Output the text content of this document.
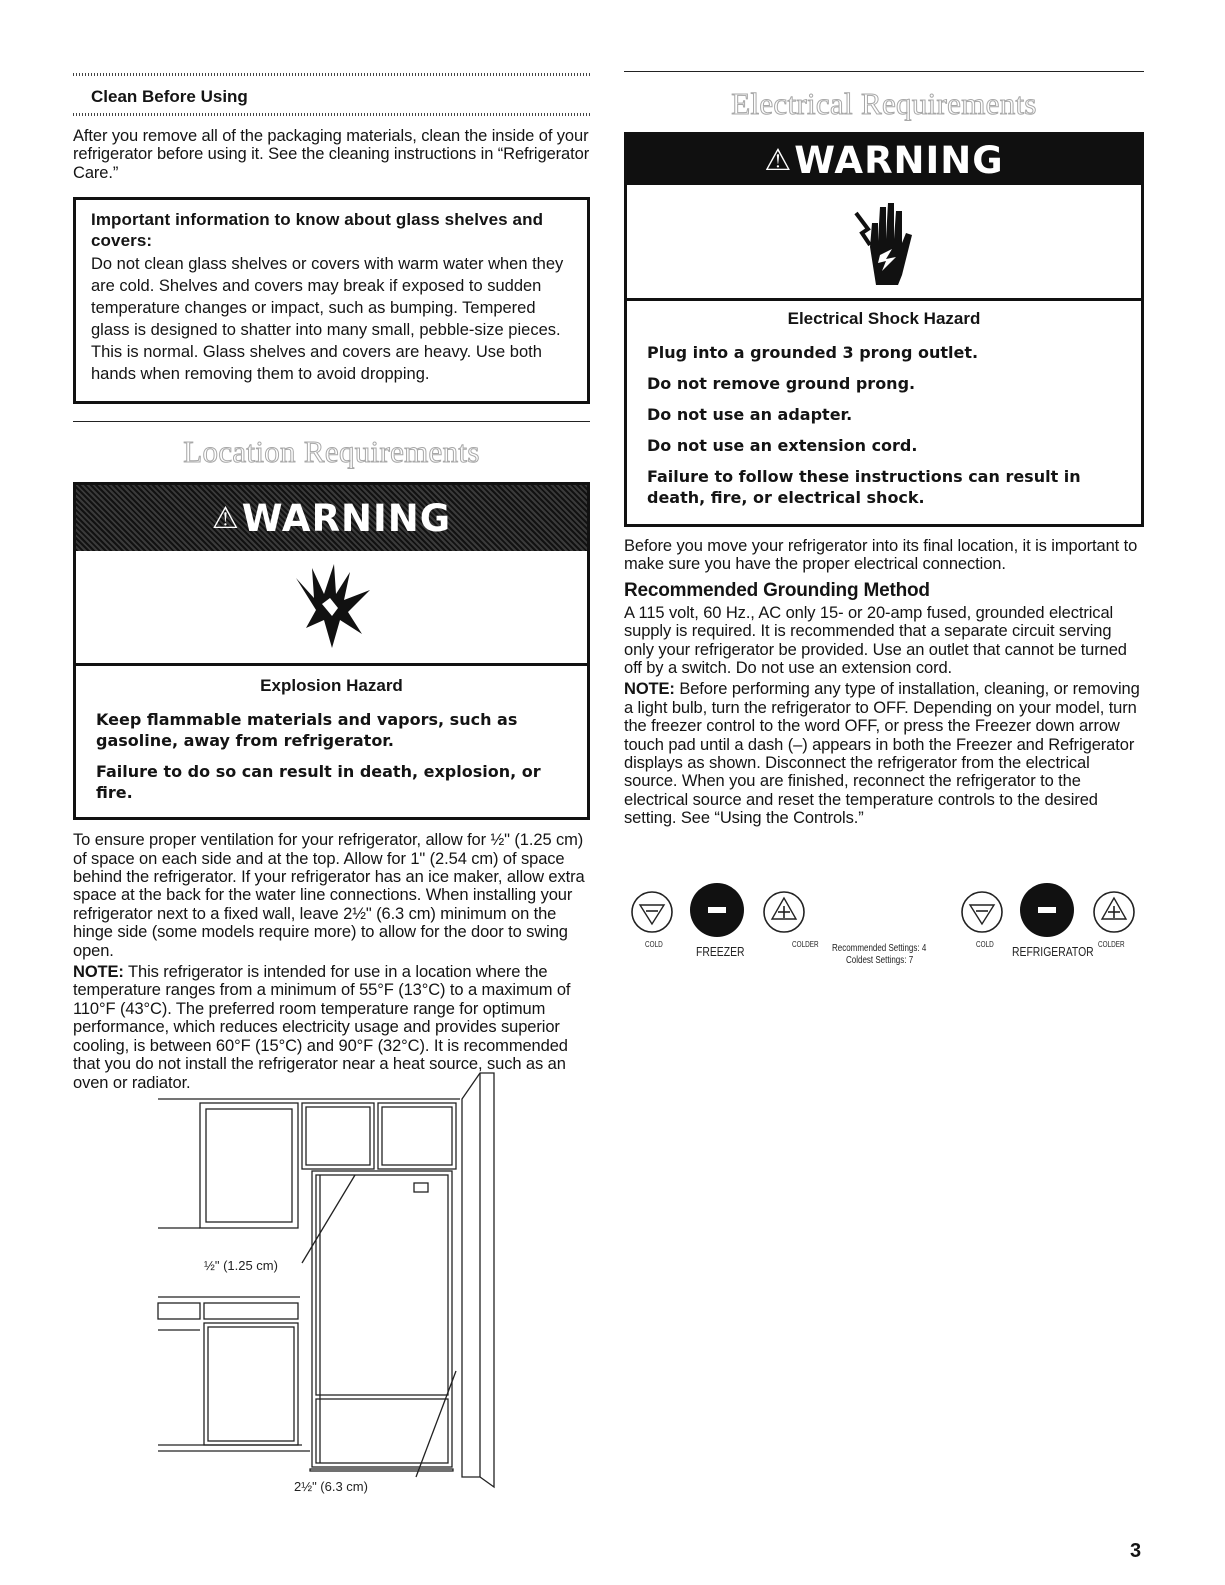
Clean Before Using
After you remove all of the packaging materials, clean the inside of your refrigerator before using it. See the cleaning instructions in “Refrigerator Care.”
Important information to know about glass shelves and covers:
Do not clean glass shelves or covers with warm water when they are cold. Shelves and covers may break if exposed to sudden temperature changes or impact, such as bumping. Tempered glass is designed to shatter into many small, pebble-size pieces. This is normal. Glass shelves and covers are heavy. Use both hands when removing them to avoid dropping.
Location Requirements
⚠ WARNING
Explosion Hazard
Keep flammable materials and vapors, such as gasoline, away from refrigerator.
Failure to do so can result in death, explosion, or fire.
To ensure proper ventilation for your refrigerator, allow for ½" (1.25 cm) of space on each side and at the top. Allow for 1" (2.54 cm) of space behind the refrigerator. If your refrigerator has an ice maker, allow extra space at the back for the water line connections. When installing your refrigerator next to a fixed wall, leave 2½" (6.3 cm) minimum on the hinge side (some models require more) to allow for the door to swing open.
NOTE: This refrigerator is intended for use in a location where the temperature ranges from a minimum of 55°F (13°C) to a maximum of 110°F (43°C). The preferred room temperature range for optimum performance, which reduces electricity usage and provides superior cooling, is between 60°F (15°C) and 90°F (32°C). It is recommended that you do not install the refrigerator near a heat source, such as an oven or radiator.
½" (1.25 cm)
2½" (6.3 cm)
Electrical Requirements
⚠ WARNING
Electrical Shock Hazard
Plug into a grounded 3 prong outlet.
Do not remove ground prong.
Do not use an adapter.
Do not use an extension cord.
Failure to follow these instructions can result in death, fire, or electrical shock.
Before you move your refrigerator into its final location, it is important to make sure you have the proper electrical connection.
Recommended Grounding Method
A 115 volt, 60 Hz., AC only 15- or 20-amp fused, grounded electrical supply is required. It is recommended that a separate circuit serving only your refrigerator be provided. Use an outlet that cannot be turned off by a switch. Do not use an extension cord.
NOTE: Before performing any type of installation, cleaning, or removing a light bulb, turn the refrigerator to OFF. Depending on your model, turn the freezer control to the word OFF, or press the Freezer down arrow touch pad until a dash (–) appears in both the Freezer and Refrigerator displays as shown. Disconnect the refrigerator from the electrical source. When you are finished, reconnect the refrigerator to the electrical source and reset the temperature controls to the desired setting. See “Using the Controls.”
COLD	FREEZER	COLDER Recommended Settings: 4
Coldest Settings: 7
COLD REFRIGERATOR COLDER
3
